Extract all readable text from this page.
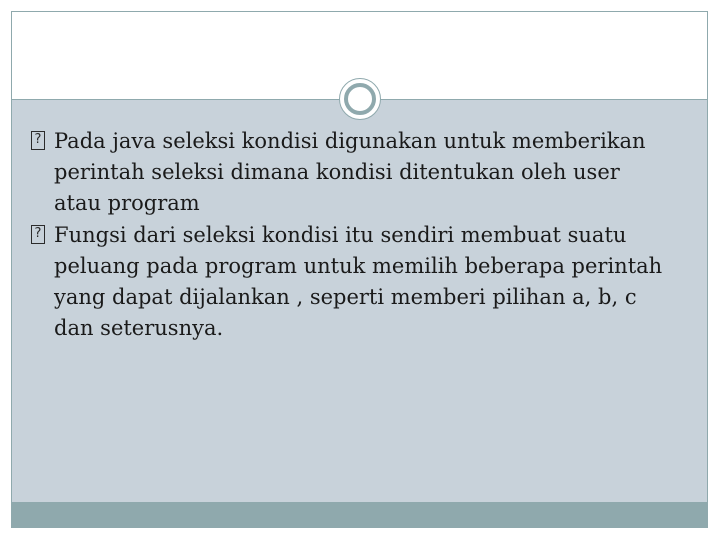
? Pada java seleksi kondisi digunakan untuk memberikan perintah seleksi dimana kondisi ditentukan oleh user atau program
? Fungsi dari seleksi kondisi itu sendiri membuat suatu peluang pada program untuk memilih beberapa perintah yang dapat dijalankan , seperti memberi pilihan a, b, c dan seterusnya.
